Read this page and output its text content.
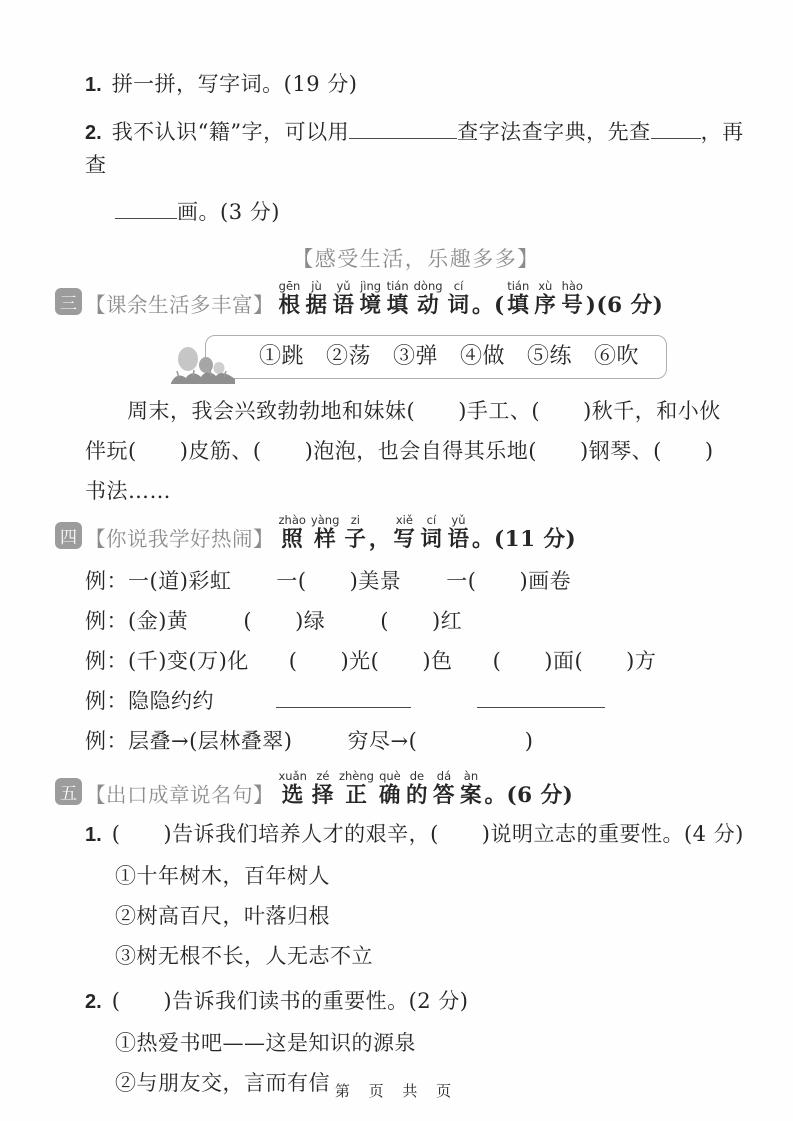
1. 拼一拼，写字词。(19 分)
2. 我不认识“籍”字，可以用	查字法查字典，先查 ，再查
画。(3 分)
【感受生活，乐趣多多】
三 【课余生活多丰富】 根gēn据jù语yǔ境jìng填tián动dòng词cí。( 填tián序xù号hào)(6 分)
①跳 ②荡 ③弹 ④做 ⑤练 ⑥吹
周末，我会兴致勃勃地和妹妹(　　)手工、(　　)秋千，和小伙
伴玩(　　)皮筋、(　　)泡泡，也会自得其乐地(　　)钢琴、(　　)
书法……
四 【你说我学好热闹】 照zhào样yàng子zi， 写xiě词cí语yǔ。(11 分)
例：一(道)彩虹 一(　　)美景 一(　　)画卷
例：(金)黄	(　　)绿	(　　)红
例：(千)变(万)化 (　　)光(　　)色 (　　)面(　　)方
例：隐隐约约
例：层叠→(层林叠翠)	穷尽→(　　　　　)
五 【出口成章说名句】 选xuǎn择zé正zhèng确què的de答dá案àn。(6 分)
1. (　　)告诉我们培养人才的艰辛，(　　)说明立志的重要性。(4 分)
①十年树木，百年树人
②树高百尺，叶落归根
③树无根不长，人无志不立
2. (　　)告诉我们读书的重要性。(2 分)
①热爱书吧——这是知识的源泉
②与朋友交，言而有信 第 页 共 页
